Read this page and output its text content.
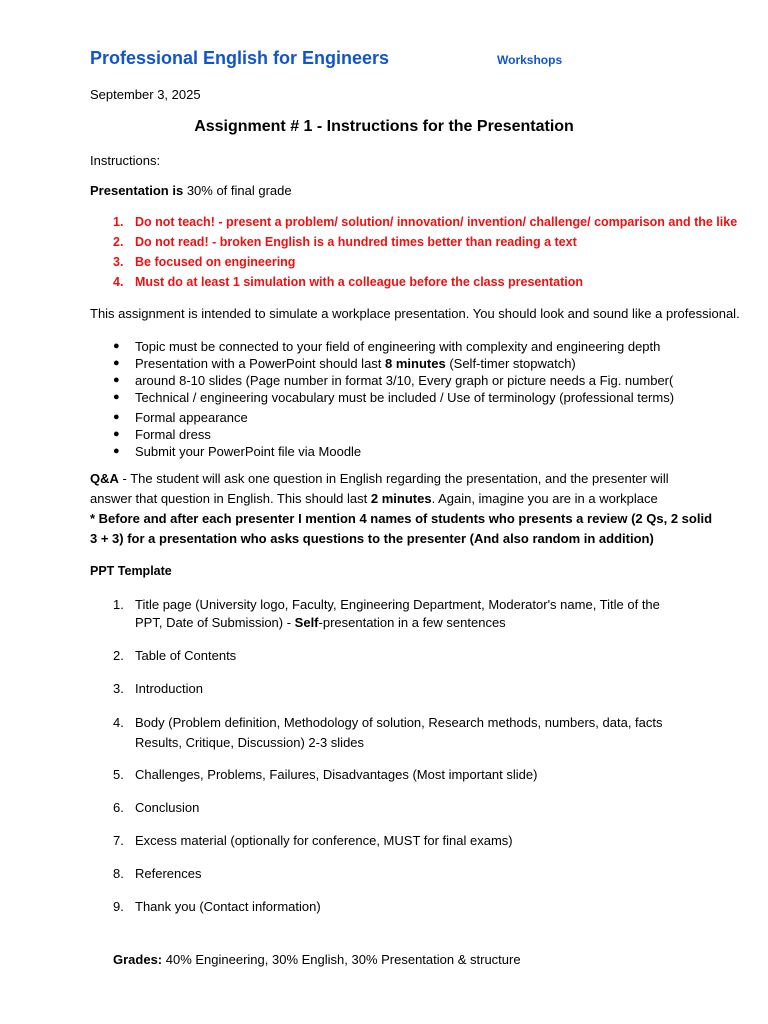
Professional English for Engineers	Workshops
September 3, 2025
Assignment # 1 - Instructions for the Presentation
Instructions:
Presentation is 30% of final grade
1. Do not teach! - present a problem/ solution/ innovation/ invention/ challenge/ comparison and the like
2. Do not read! - broken English is a hundred times better than reading a text
3. Be focused on engineering
4. Must do at least 1 simulation with a colleague before the class presentation
This assignment is intended to simulate a workplace presentation. You should look and sound like a professional.
● Topic must be connected to your field of engineering with complexity and engineering depth
● Presentation with a PowerPoint should last 8 minutes (Self-timer stopwatch)
● around 8-10 slides (Page number in format 3/10, Every graph or picture needs a Fig. number(
● Technical / engineering vocabulary must be included / Use of terminology (professional terms)
● Formal appearance
● Formal dress
● Submit your PowerPoint file via Moodle
Q&A - The student will ask one question in English regarding the presentation, and the presenter will
answer that question in English. This should last 2 minutes. Again, imagine you are in a workplace
* Before and after each presenter I mention 4 names of students who presents a review (2 Qs, 2 solid
3 + 3) for a presentation who asks questions to the presenter (And also random in addition)
PPT Template
1. Title page (University logo, Faculty, Engineering Department, Moderator's name, Title of the
PPT, Date of Submission) - Self-presentation in a few sentences
2. Table of Contents
3. Introduction
4. Body (Problem definition, Methodology of solution, Research methods, numbers, data, facts
Results, Critique, Discussion) 2-3 slides
5. Challenges, Problems, Failures, Disadvantages (Most important slide)
6. Conclusion
7. Excess material (optionally for conference, MUST for final exams)
8. References
9. Thank you (Contact information)
Grades: 40% Engineering, 30% English, 30% Presentation & structure
